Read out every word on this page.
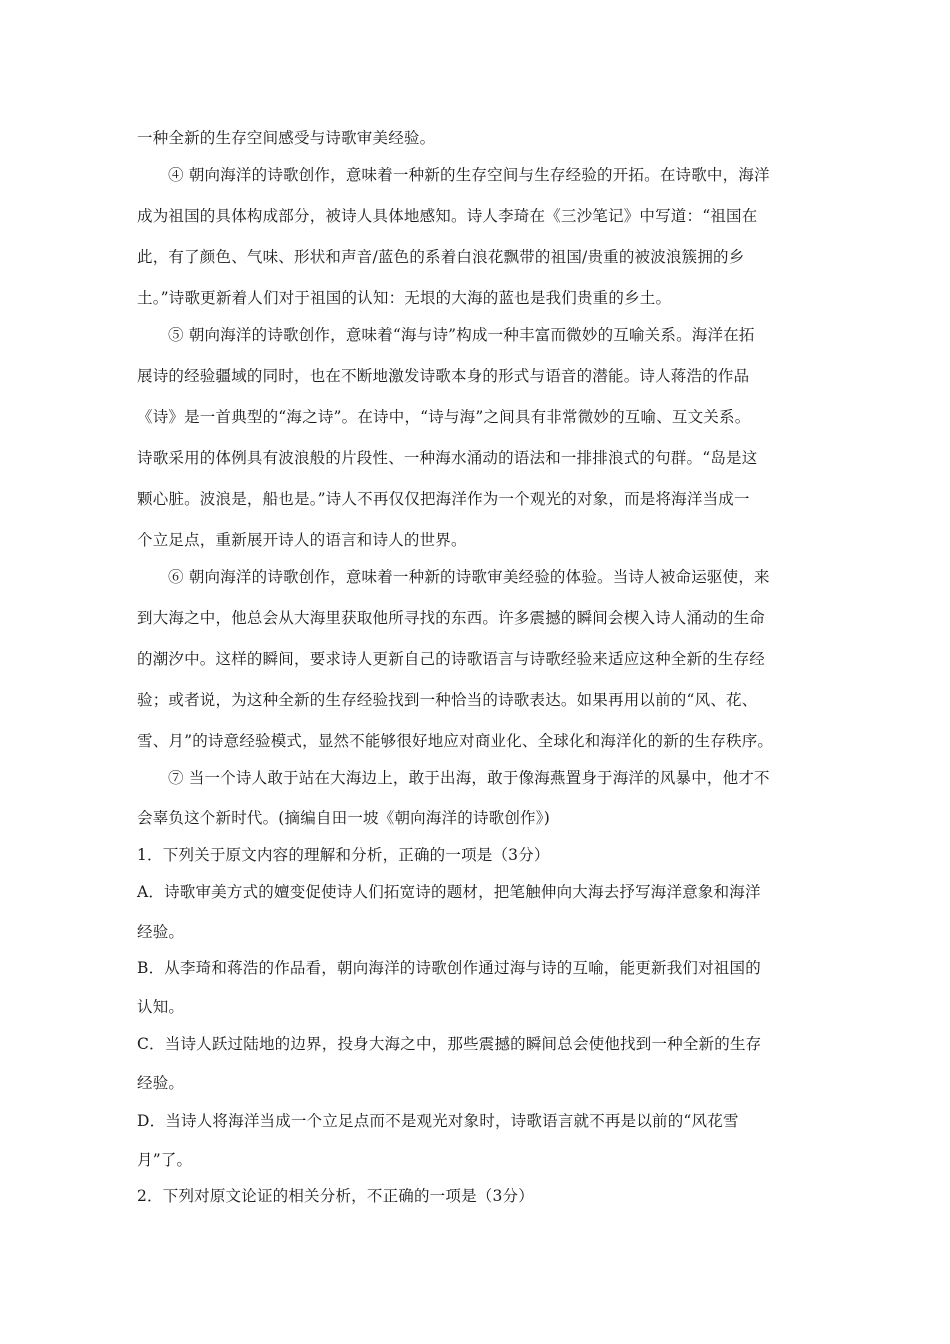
一种全新的生存空间感受与诗歌审美经验。
④ 朝向海洋的诗歌创作，意味着一种新的生存空间与生存经验的开拓。在诗歌中，海洋
成为祖国的具体构成部分，被诗人具体地感知。诗人李琦在《三沙笔记》中写道：“祖国在
此，有了颜色、气味、形状和声音/蓝色的系着白浪花飘带的祖国/贵重的被波浪簇拥的乡
土。”诗歌更新着人们对于祖国的认知：无垠的大海的蓝也是我们贵重的乡土。
⑤ 朝向海洋的诗歌创作，意味着“海与诗”构成一种丰富而微妙的互喻关系。海洋在拓
展诗的经验疆域的同时，也在不断地激发诗歌本身的形式与语音的潜能。诗人蒋浩的作品
《诗》是一首典型的“海之诗”。在诗中，“诗与海”之间具有非常微妙的互喻、互文关系。
诗歌采用的体例具有波浪般的片段性、一种海水涌动的语法和一排排浪式的句群。“岛是这
颗心脏。波浪是，船也是。”诗人不再仅仅把海洋作为一个观光的对象，而是将海洋当成一
个立足点，重新展开诗人的语言和诗人的世界。
⑥ 朝向海洋的诗歌创作，意味着一种新的诗歌审美经验的体验。当诗人被命运驱使，来
到大海之中，他总会从大海里获取他所寻找的东西。许多震撼的瞬间会楔入诗人涌动的生命
的潮汐中。这样的瞬间，要求诗人更新自己的诗歌语言与诗歌经验来适应这种全新的生存经
验；或者说，为这种全新的生存经验找到一种恰当的诗歌表达。如果再用以前的“风、花、
雪、月”的诗意经验模式，显然不能够很好地应对商业化、全球化和海洋化的新的生存秩序。
⑦ 当一个诗人敢于站在大海边上，敢于出海，敢于像海燕置身于海洋的风暴中，他才不
会辜负这个新时代。(摘编自田一坡《朝向海洋的诗歌创作》)
1．下列关于原文内容的理解和分析，正确的一项是（3分）
A．诗歌审美方式的嬗变促使诗人们拓宽诗的题材，把笔触伸向大海去抒写海洋意象和海洋
经验。
B．从李琦和蒋浩的作品看，朝向海洋的诗歌创作通过海与诗的互喻，能更新我们对祖国的
认知。
C．当诗人跃过陆地的边界，投身大海之中，那些震撼的瞬间总会使他找到一种全新的生存
经验。
D．当诗人将海洋当成一个立足点而不是观光对象时，诗歌语言就不再是以前的“风花雪
月”了。
2．下列对原文论证的相关分析，不正确的一项是（3分）
